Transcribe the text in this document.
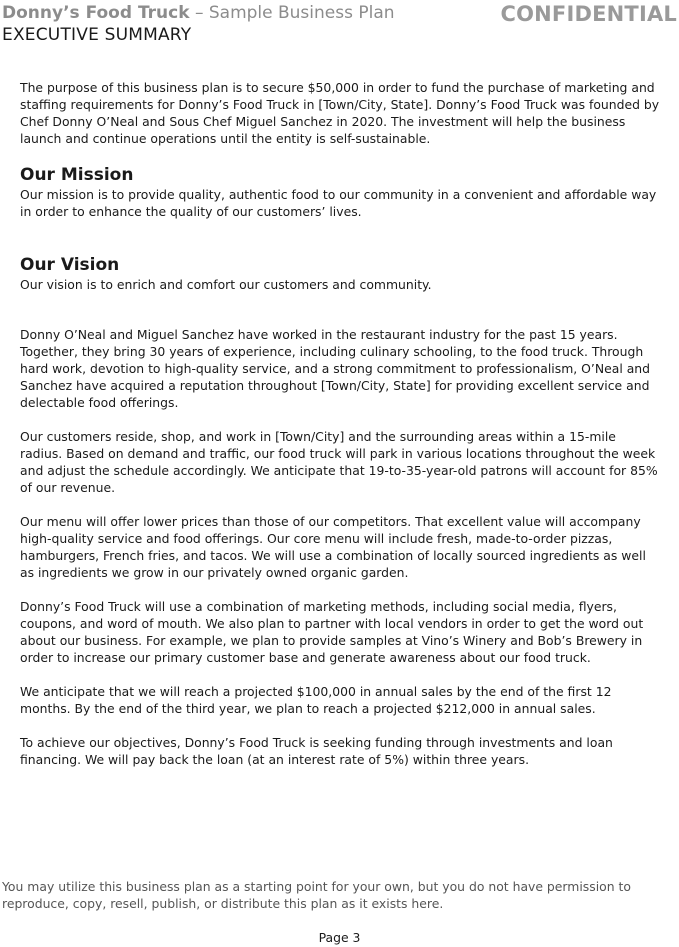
Donny’s Food Truck – Sample Business Plan	CONFIDENTIAL
EXECUTIVE SUMMARY

The purpose of this business plan is to secure $50,000 in order to fund the purchase of marketing and staffing requirements for Donny’s Food Truck in [Town/City, State]. Donny’s Food Truck was founded by Chef Donny O’Neal and Sous Chef Miguel Sanchez in 2020. The investment will help the business launch and continue operations until the entity is self-sustainable.

Our Mission

Our mission is to provide quality, authentic food to our community in a convenient and affordable way in order to enhance the quality of our customers’ lives.

Our Vision

Our vision is to enrich and comfort our customers and community.

Donny O’Neal and Miguel Sanchez have worked in the restaurant industry for the past 15 years. Together, they bring 30 years of experience, including culinary schooling, to the food truck. Through hard work, devotion to high-quality service, and a strong commitment to professionalism, O’Neal and Sanchez have acquired a reputation throughout [Town/City, State] for providing excellent service and delectable food offerings.

Our customers reside, shop, and work in [Town/City] and the surrounding areas within a 15-mile radius. Based on demand and traffic, our food truck will park in various locations throughout the week and adjust the schedule accordingly. We anticipate that 19-to-35-year-old patrons will account for 85% of our revenue.

Our menu will offer lower prices than those of our competitors. That excellent value will accompany high-quality service and food offerings. Our core menu will include fresh, made-to-order pizzas, hamburgers, French fries, and tacos. We will use a combination of locally sourced ingredients as well as ingredients we grow in our privately owned organic garden.

Donny’s Food Truck will use a combination of marketing methods, including social media, flyers, coupons, and word of mouth. We also plan to partner with local vendors in order to get the word out about our business. For example, we plan to provide samples at Vino’s Winery and Bob’s Brewery in order to increase our primary customer base and generate awareness about our food truck.

We anticipate that we will reach a projected $100,000 in annual sales by the end of the first 12 months. By the end of the third year, we plan to reach a projected $212,000 in annual sales.

To achieve our objectives, Donny’s Food Truck is seeking funding through investments and loan financing. We will pay back the loan (at an interest rate of 5%) within three years.

You may utilize this business plan as a starting point for your own, but you do not have permission to reproduce, copy, resell, publish, or distribute this plan as it exists here.
Page 3
